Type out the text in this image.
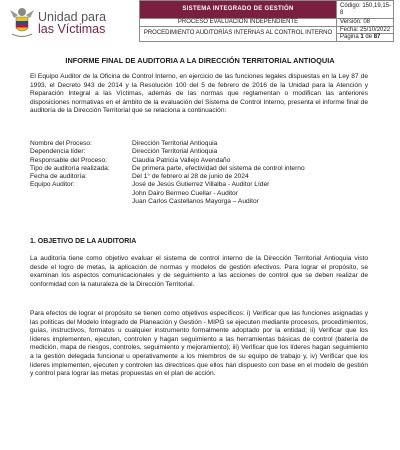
Unidad para
las Víctimas
SISTEMA INTEGRADO DE GESTIÓN	Código: 150,19,15-8
PROCESO EVALUACIÓN INDEPENDIENTE	Versión: 08
PROCEDIMIENTO AUDITORÍAS INTERNAS AL CONTROL INTERNO	Fecha: 25/10/2022
	Página 1 de 87
INFORME FINAL DE AUDITORIA A LA DIRECCIÓN TERRITORIAL ANTIOQUIA

El Equipo Auditor de la Oficina de Control Interno, en ejercicio de las funciones legales dispuestas en la Ley 87 de 1993, el Decreto 943 de 2014 y la Resolución 100 del 5 de febrero de 2016 de la Unidad para la Atención y Reparación Integral a las Víctimas, además de las normas que reglamentan o modifican las anteriores disposiciones normativas en el ámbito de la evaluación del Sistema de Control Interno, presenta el informe final de auditoría de la Dirección Territorial que se relaciona a continuación:

Nombre del Proceso:	Dirección Territorial Antioquia
Dependencia líder:	Dirección Territorial Antioquia
Responsable del Proceso:	Claudia Patricia Vallejo Avendaño
Tipo de auditoría realizada:	De primera parte, efectividad del sistema de control interno
Fecha de auditoría:	Del 1° de febrero al 28 de junio de 2024
Equipo Auditor:	José de Jesús Gutierrez Villalba - Auditor Líder
	John Dairo Bermeo Cuellar - Auditor
	Juan Carlos Castellanos Mayorga – Auditor
1. OBJETIVO DE LA AUDITORIA

La auditoría tiene como objetivo evaluar el sistema de control interno de la Dirección Territorial Antioquia visto desde el logro de metas, la aplicación de normas y modelos de gestión efectivos. Para lograr el propósito, se examinan los aspectos comunicacionales y de seguimiento a las acciones de control que se deben realizar de conformidad con la naturaleza de la Dirección Territorial.

Para efectos de lograr el propósito se tienen como objetivos específicos: i) Verificar que las funciones asignadas y las políticas del Modelo Integrado de Planeación y Gestión - MIPG se ejecuten mediante procesos, procedimientos, guías, instructivos, formatos u cualquier instrumento formalmente adoptado por la entidad; ii) Verificar que los líderes implementen, ejecuten, controlen y hagan seguimiento a las herramientas básicas de control (batería de medición, mapa de riesgos, controles, seguimiento y mejoramiento); iii) Verificar que los líderes hagan seguimiento a la gestión delegada funcional u operativamente a los miembros de su equipo de trabajo y, iv) Verificar que los líderes implementen, ejecuten y controlen las directrices que ellos han dispuesto con base en el modelo de gestión y control para lograr las metas propuestas en el plan de acción.
